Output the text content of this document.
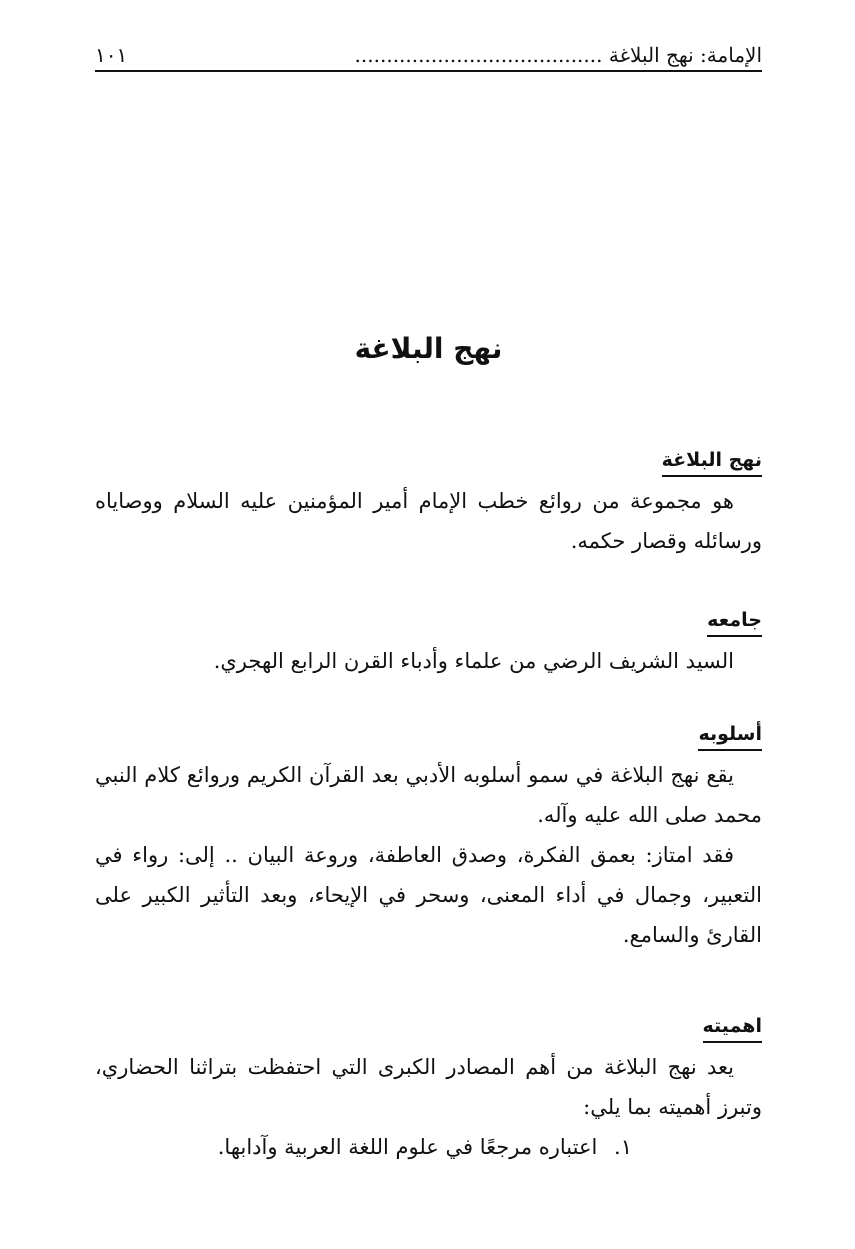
الإمامة: نهج البلاغة .......................................
١٠١
نهج البلاغة
نهج البلاغة

هو مجموعة من روائع خطب الإمام أمير المؤمنين عليه السلام ووصاياه ورسائله وقصار حكمه.

جامعه

السيد الشريف الرضي من علماء وأدباء القرن الرابع الهجري.

أسلوبه

يقع نهج البلاغة في سمو أسلوبه الأدبي بعد القرآن الكريم وروائع كلام النبي محمد صلى الله عليه وآله.

فقد امتاز: بعمق الفكرة، وصدق العاطفة، وروعة البيان .. إلى: رواء في التعبير، وجمال في أداء المعنى، وسحر في الإيحاء، وبعد التأثير الكبير على القارئ والسامع.

اهميته

يعد نهج البلاغة من أهم المصادر الكبرى التي احتفظت بتراثنا الحضاري، وتبرز أهميته بما يلي:

١. اعتباره مرجعًا في علوم اللغة العربية وآدابها.
